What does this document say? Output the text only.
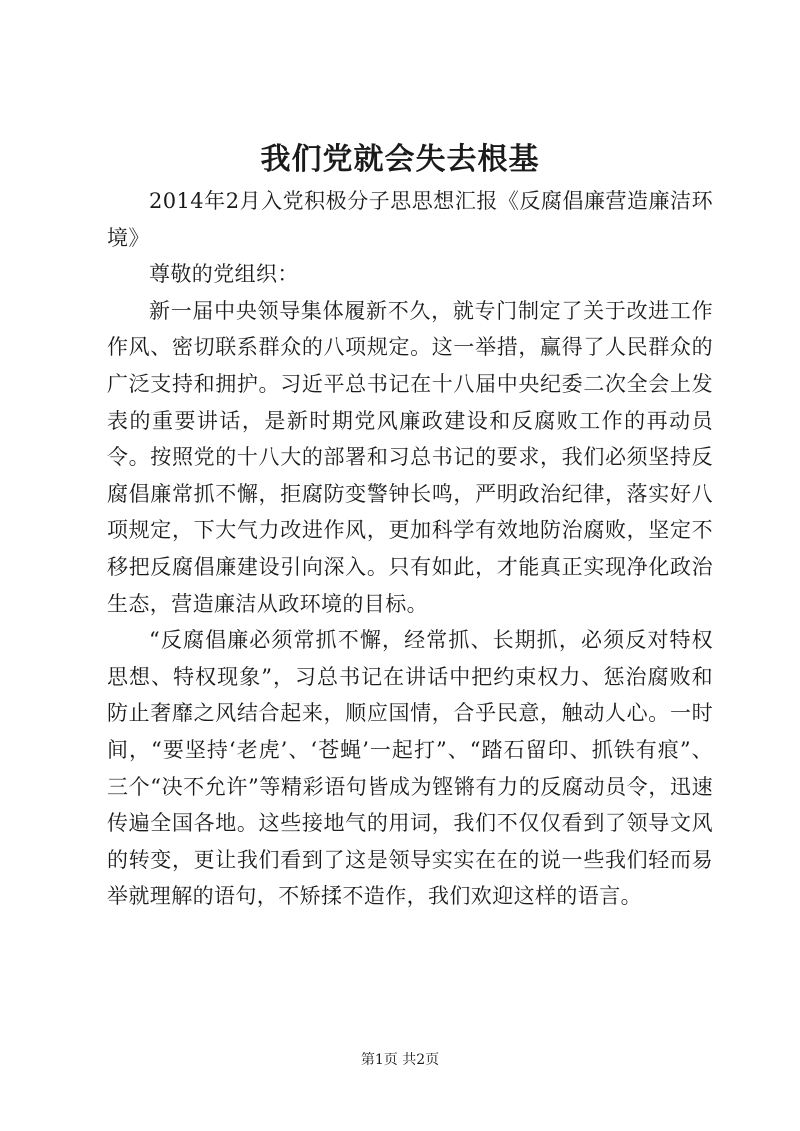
我们党就会失去根基

2014年2月入党积极分子思思想汇报《反腐倡廉营造廉洁环境》

尊敬的党组织：

新一届中央领导集体履新不久，就专门制定了关于改进工作作风、密切联系群众的八项规定。这一举措，赢得了人民群众的广泛支持和拥护。习近平总书记在十八届中央纪委二次全会上发表的重要讲话，是新时期党风廉政建设和反腐败工作的再动员令。按照党的十八大的部署和习总书记的要求，我们必须坚持反腐倡廉常抓不懈，拒腐防变警钟长鸣，严明政治纪律，落实好八项规定，下大气力改进作风，更加科学有效地防治腐败，坚定不移把反腐倡廉建设引向深入。只有如此，才能真正实现净化政治生态，营造廉洁从政环境的目标。

“反腐倡廉必须常抓不懈，经常抓、长期抓，必须反对特权思想、特权现象”，习总书记在讲话中把约束权力、惩治腐败和防止奢靡之风结合起来，顺应国情，合乎民意，触动人心。一时间，“要坚持‘老虎’、‘苍蝇’一起打”、“踏石留印、抓铁有痕”、三个“决不允许”等精彩语句皆成为铿锵有力的反腐动员令，迅速传遍全国各地。这些接地气的用词，我们不仅仅看到了领导文风的转变，更让我们看到了这是领导实实在在的说一些我们轻而易举就理解的语句，不矫揉不造作，我们欢迎这样的语言。

第1页 共2页
